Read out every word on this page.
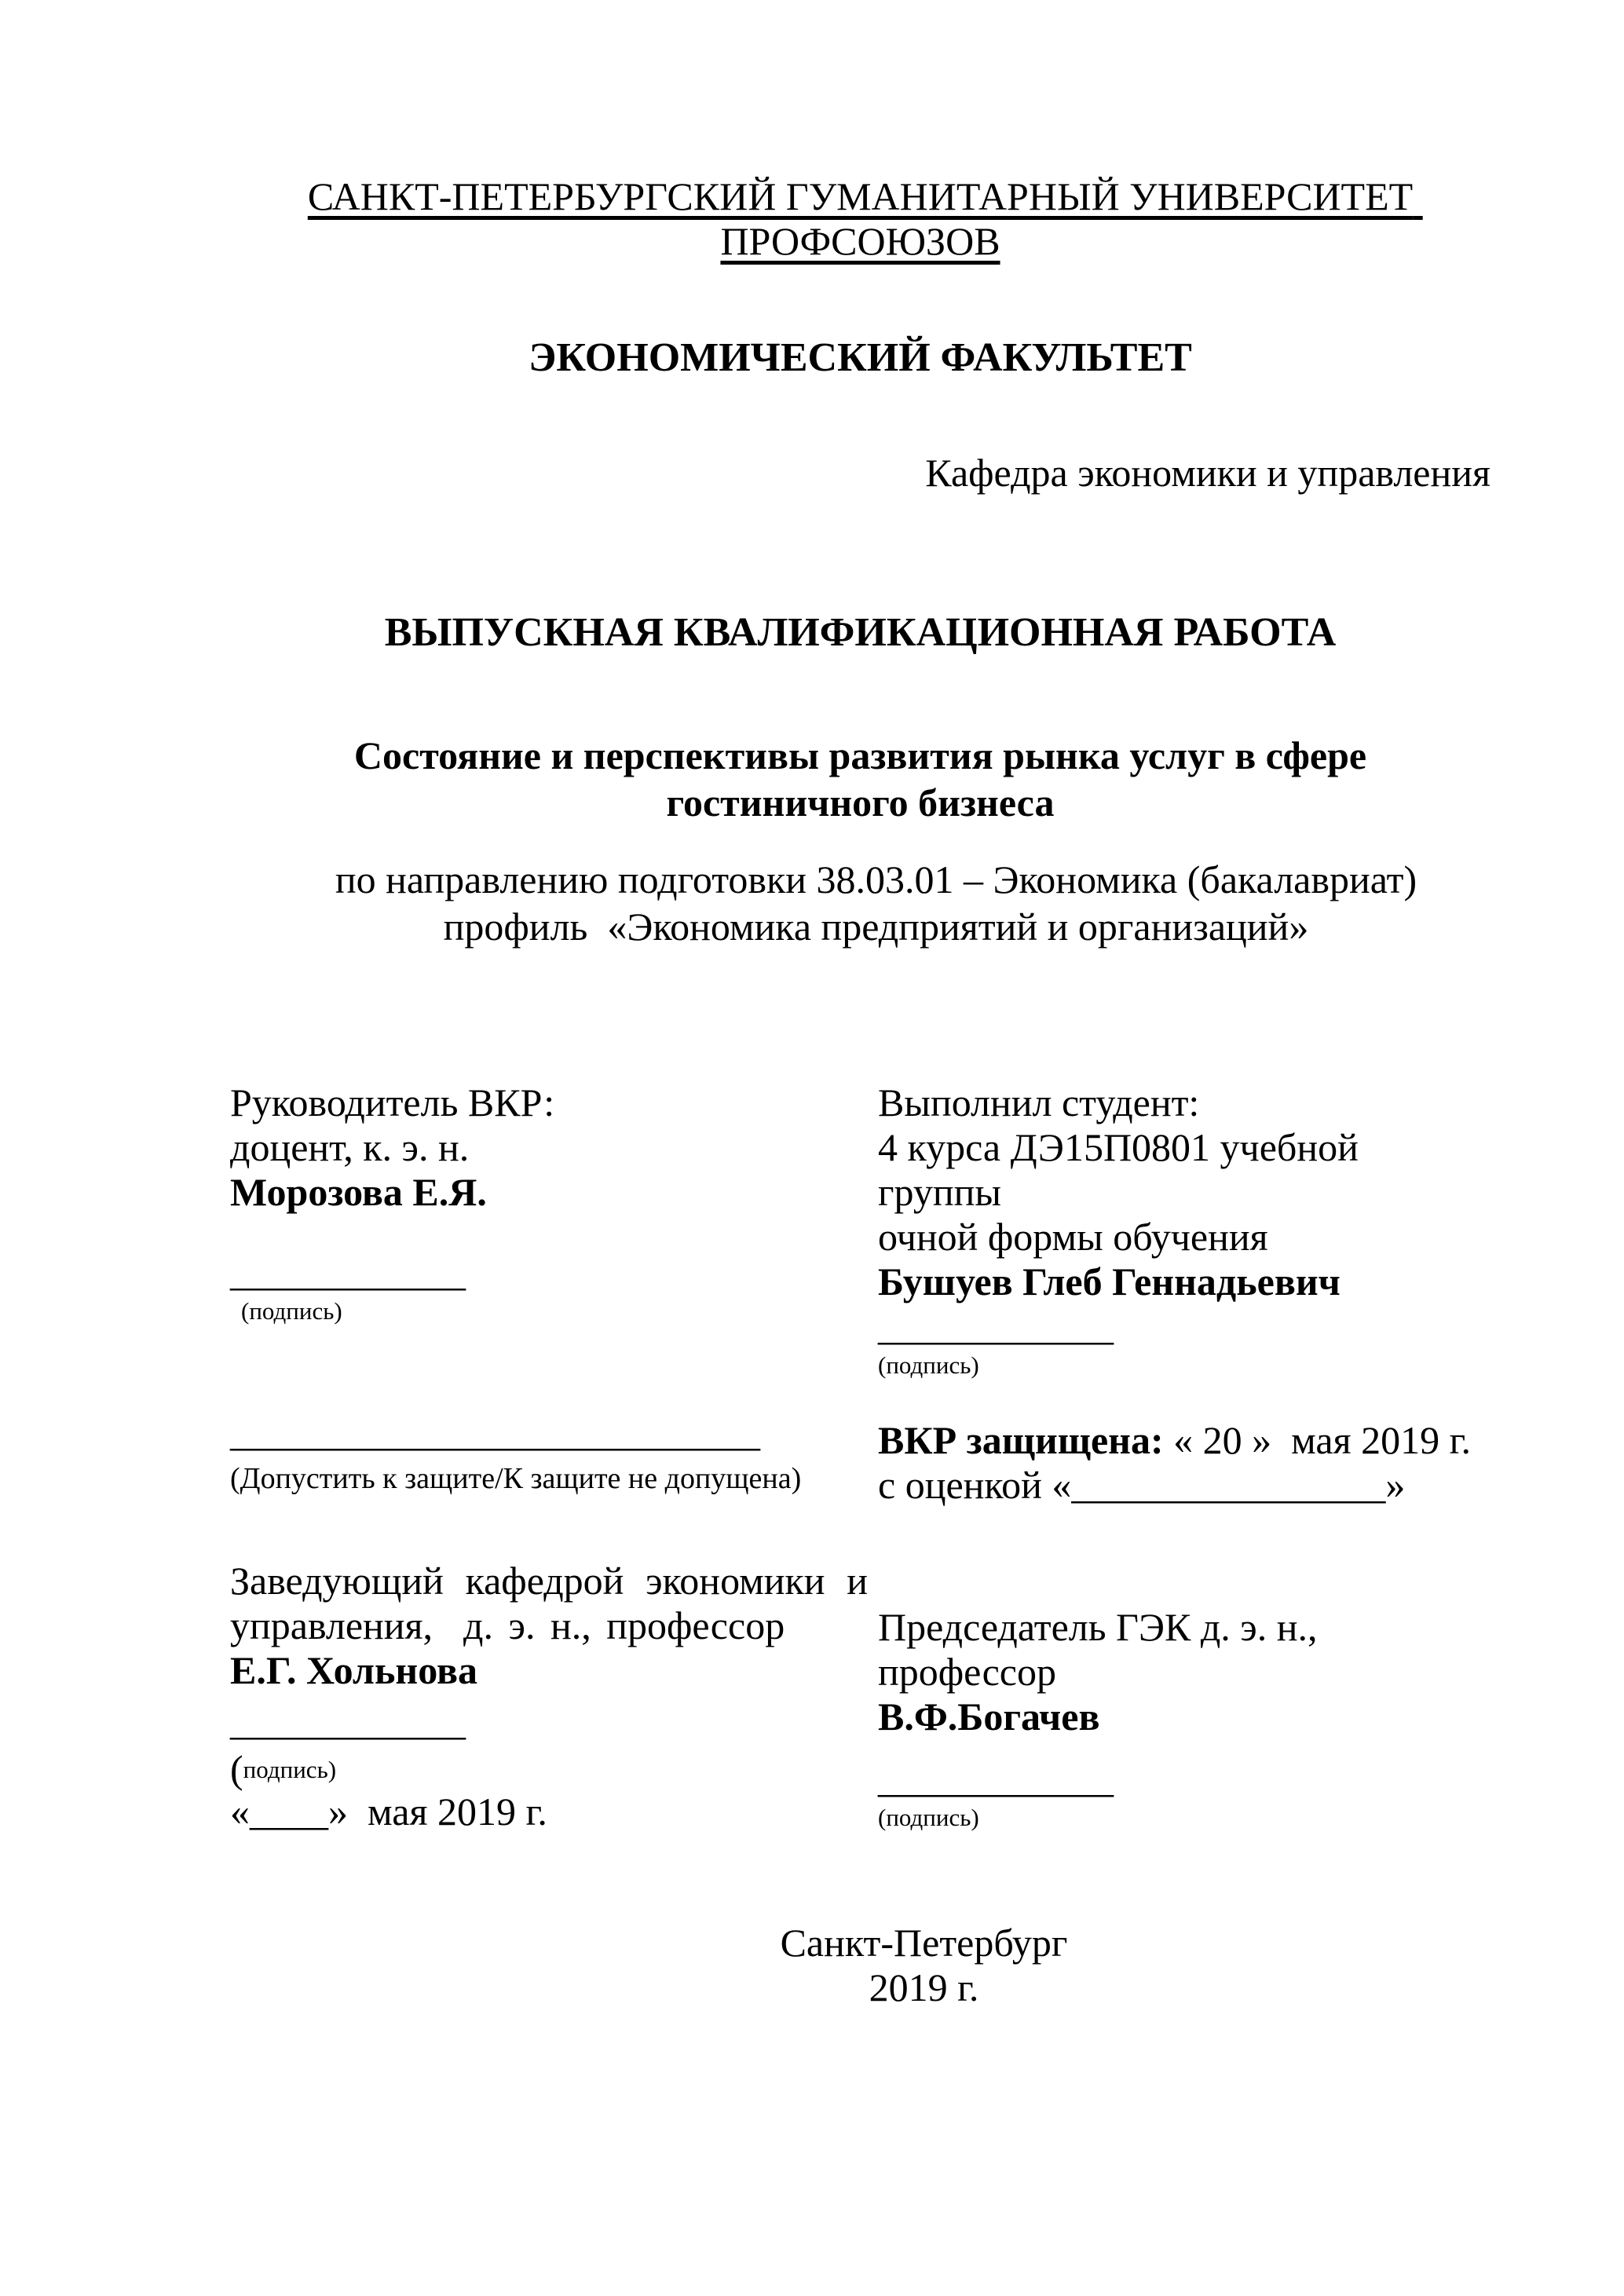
САНКТ-ПЕТЕРБУРГСКИЙ ГУМАНИТАРНЫЙ УНИВЕРСИТЕТ ПРОФСОЮЗОВ
ЭКОНОМИЧЕСКИЙ ФАКУЛЬТЕТ
Кафедра экономики и управления
ВЫПУСКНАЯ КВАЛИФИКАЦИОННАЯ РАБОТА
Состояние и перспективы развития рынка услуг в сфере
гостиничного бизнеса
по направлению подготовки 38.03.01 – Экономика (бакалавриат)
профиль  «Экономика предприятий и организаций»
Руководитель ВКР:
доцент, к. э. н.
Морозова Е.Я.
____________
(подпись)
___________________________
(Допустить к защите/К защите не допущена)
Заведующий  кафедрой  экономики  и
управления,  д. э. н., профессор
Е.Г. Хольнова
____________
(подпись)
«____»  мая 2019 г.
Выполнил студент:
4 курса ДЭ15П0801 учебной группы
очной формы обучения
Бушуев Глеб Геннадьевич
____________
(подпись)
ВКР защищена: « 20 »  мая 2019 г.
с оценкой «________________»
Председатель ГЭК д. э. н., профессор
В.Ф.Богачев
____________
(подпись)
Санкт-Петербург
2019 г.
